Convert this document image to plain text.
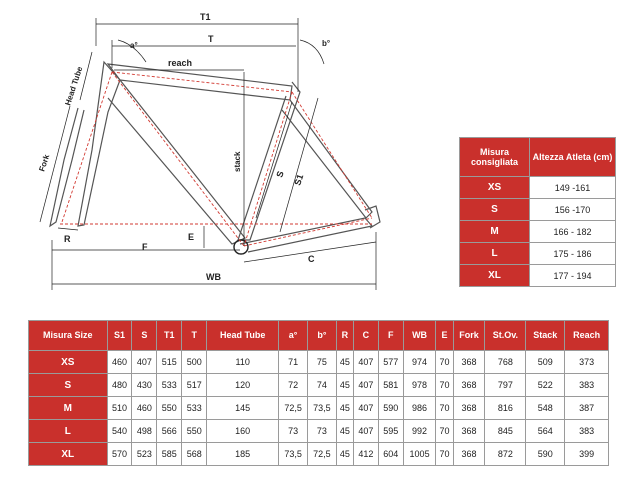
T1
T
a°	b°
reach
Head Tube
Fork	stack
S S1
R	E
F
C
WB
Misura consigliata	Altezza Atleta (cm)
XS	149 -161
S	156 -170
M	166 - 182
L	175 - 186
XL	177 - 194
Misura Size	S1	S	T1	T	Head Tube	a°	b°	R	C	F	WB	E	Fork	St.Ov.	Stack	Reach
XS	460	407	515	500	110	71	75	45	407	577	974	70	368	768	509	373
S	480	430	533	517	120	72	74	45	407	581	978	70	368	797	522	383
M	510	460	550	533	145	72,5	73,5	45	407	590	986	70	368	816	548	387
L	540	498	566	550	160	73	73	45	407	595	992	70	368	845	564	383
XL	570	523	585	568	185	73,5	72,5	45	412	604	1005	70	368	872	590	399
